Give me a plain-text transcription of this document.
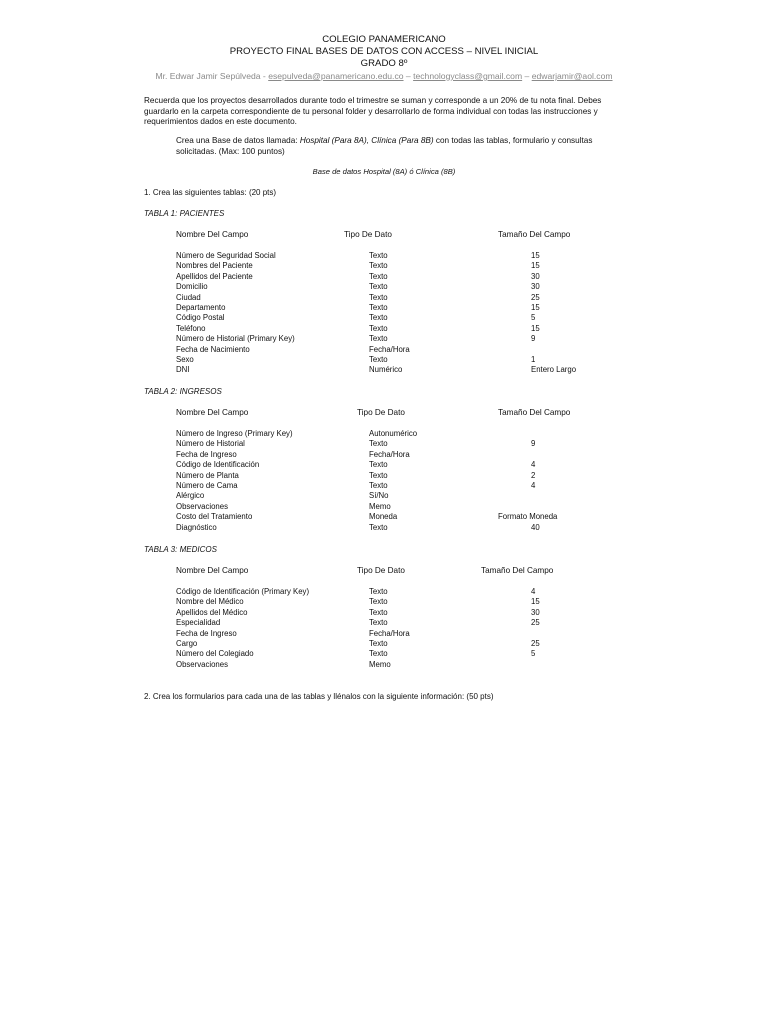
COLEGIO PANAMERICANO
PROYECTO FINAL BASES DE DATOS CON ACCESS – NIVEL INICIAL
GRADO 8º
Mr. Edwar Jamir Sepúlveda - esepulveda@panamericano.edu.co – technologyclass@gmail.com – edwarjamir@aol.com
Recuerda que los proyectos desarrollados durante todo el trimestre se suman y corresponde a un 20% de tu nota final. Debes guardarlo en la carpeta correspondiente de tu personal folder y desarrollarlo de forma individual con todas las instrucciones y requerimientos dados en este documento.
Crea una Base de datos llamada: Hospital (Para 8A), Clínica (Para 8B) con todas las tablas, formulario y consultas solicitadas. (Max: 100 puntos)
Base de datos Hospital (8A) ó Clínica (8B)
1. Crea las siguientes tablas: (20 pts)
TABLA 1: PACIENTES
Nombre Del Campo	Tipo De Dato	Tamaño Del Campo
Número de Seguridad Social	Texto	15
Nombres del Paciente	Texto	15
Apellidos del Paciente	Texto	30
Domicilio	Texto	30
Ciudad	Texto	25
Departamento	Texto	15
Código Postal	Texto	5
Teléfono	Texto	15
Número de Historial (Primary Key)	Texto	9
Fecha de Nacimiento	Fecha/Hora
Sexo	Texto	1
DNI	Numérico	Entero Largo
TABLA 2: INGRESOS
Nombre Del Campo	Tipo De Dato	Tamaño Del Campo
Número de Ingreso (Primary Key)	Autonumérico
Número de Historial	Texto	9
Fecha de Ingreso	Fecha/Hora
Código de Identificación	Texto	4
Número de Planta	Texto	2
Número de Cama	Texto	4
Alérgico	Sí/No
Observaciones	Memo
Costo del Tratamiento	Moneda	Formato Moneda
Diagnóstico	Texto	40
TABLA 3: MEDICOS
Nombre Del Campo	Tipo De Dato	Tamaño Del Campo
Código de Identificación (Primary Key)	Texto	4
Nombre del Médico	Texto	15
Apellidos del Médico	Texto	30
Especialidad	Texto	25
Fecha de Ingreso	Fecha/Hora
Cargo	Texto	25
Número del Colegiado	Texto	5
Observaciones	Memo
2. Crea los formularios para cada una de las tablas y llénalos con la siguiente información: (50 pts)
